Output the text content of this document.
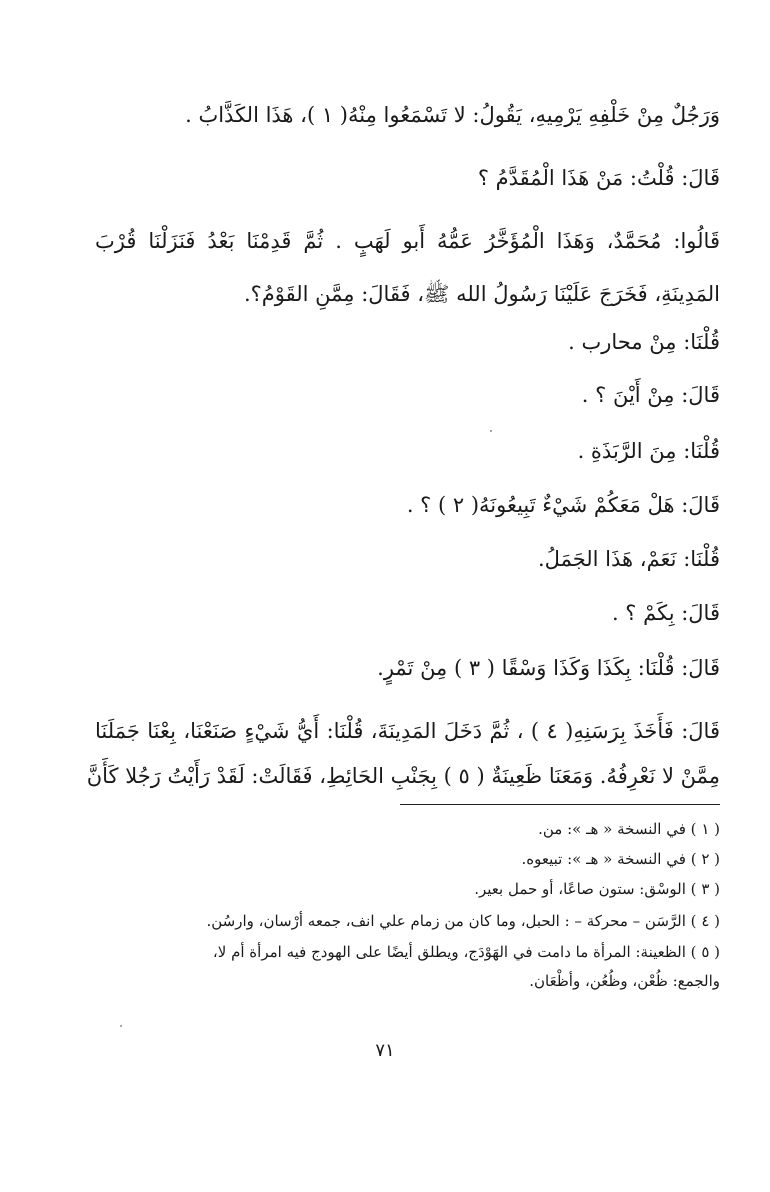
وَرَجُلٌ مِنْ خَلْفِهِ يَرْمِيهِ، يَقُولُ: لا تَسْمَعُوا مِنْهُ( ١ )، هَذَا الكَذَّابُ .
قَالَ: قُلْتُ: مَنْ هَذَا الْمُقَدَّمُ ؟
قَالُوا: مُحَمَّدٌ، وَهَذَا الْمُؤَخَّرُ عَمُّهُ أَبو لَهَبٍ . ثُمَّ قَدِمْنَا بَعْدُ فَنَزَلْنَا قُرْبَ
المَدِينَةِ، فَخَرَجَ عَلَيْنَا رَسُولُ الله ﷺ، فَقَالَ: مِمَّنِ القَوْمُ؟.
قُلْنَا: مِنْ محارب .
قَالَ: مِنْ أَيْنَ ؟ .
قُلْنَا: مِنَ الرَّبَذَةِ .
قَالَ: هَلْ مَعَكُمْ شَيْءٌ تَبِيعُونَهُ( ٢ ) ؟ .
قُلْنَا: نَعَمْ، هَذَا الجَمَلُ.
قَالَ: بِكَمْ ؟ .
قَالَ: قُلْنَا: بِكَذَا وَكَذَا وَسْقًا ( ٣ ) مِنْ تَمْرٍ.
قَالَ: فَأَخَذَ بِرَسَنِهِ( ٤ ) ، ثُمَّ دَخَلَ المَدِينَةَ، قُلْنَا: أَيُّ شَيْءٍ صَنَعْنَا، بِعْنَا جَمَلَنَا
مِمَّنْ لا نَعْرِفُهُ. وَمَعَنَا ظَعِينَةٌ ( ٥ ) بِجَنْبِ الحَائِطِ، فَقَالَتْ: لَقَدْ رَأَيْتُ رَجُلا كَأَنَّ
( ١ ) في النسخة « هـ »: من.
( ٢ ) في النسخة « هـ »: تبيعوه.
( ٣ ) الوسْق: ستون صاعًا، أو حمل بعير.
( ٤ ) الرَّسَن – محركة – : الحبل، وما كان من زمام علي انف، جمعه أرْسان، وارسُن.
( ٥ ) الظعينة: المرأة ما دامت في الهَوْدَج، ويطلق أيضًا على الهودج فيه امرأة أم لا،
والجمع: ظُعْن، وظُعُن، وأظْعَان.
٧١
